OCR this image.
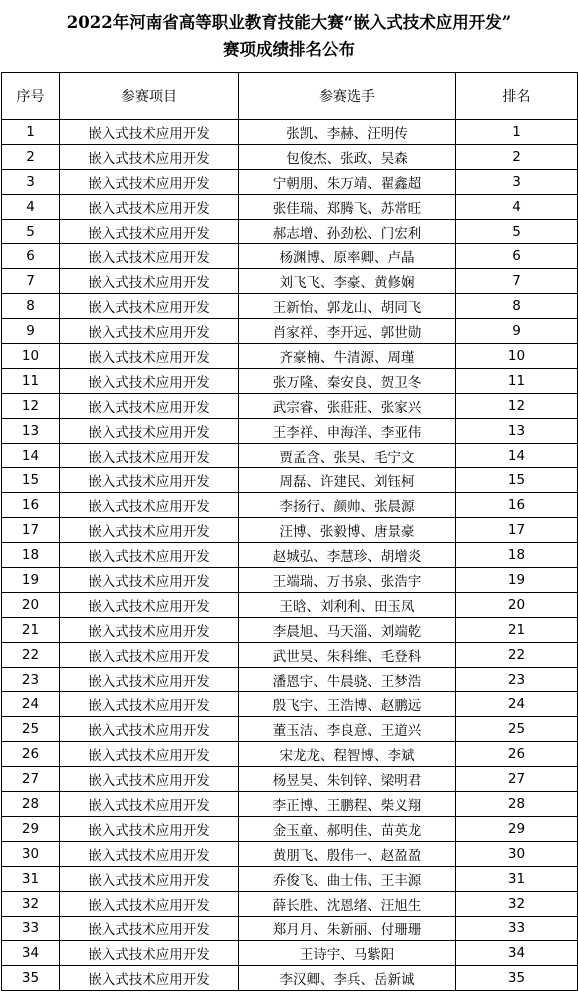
2022年河南省高等职业教育技能大赛“嵌入式技术应用开发”
赛项成绩排名公布
序号	参赛项目	参赛选手	排名
1	嵌入式技术应用开发	张凯、李赫、汪明传	1
2	嵌入式技术应用开发	包俊杰、张政、吴森	2
3	嵌入式技术应用开发	宁朝朋、朱万靖、翟鑫超	3
4	嵌入式技术应用开发	张佳瑞、郑腾飞、苏常旺	4
5	嵌入式技术应用开发	郝志增、孙劲松、门宏利	5
6	嵌入式技术应用开发	杨渊博、原率卿、卢晶	6
7	嵌入式技术应用开发	刘飞飞、李豪、黄修娴	7
8	嵌入式技术应用开发	王新怡、郭龙山、胡同飞	8
9	嵌入式技术应用开发	肖家祥、李开远、郭世勋	9
10	嵌入式技术应用开发	齐豪楠、牛清源、周瑾	10
11	嵌入式技术应用开发	张万隆、秦安良、贺卫冬	11
12	嵌入式技术应用开发	武宗睿、张莊莊、张家兴	12
13	嵌入式技术应用开发	王李祥、申海洋、李亚伟	13
14	嵌入式技术应用开发	贾孟含、张昊、毛宁文	14
15	嵌入式技术应用开发	周磊、许建民、刘钰柯	15
16	嵌入式技术应用开发	李扬行、颜帅、张晨源	16
17	嵌入式技术应用开发	汪博、张毅博、唐景豪	17
18	嵌入式技术应用开发	赵城弘、李慧珍、胡增炎	18
19	嵌入式技术应用开发	王端瑞、万书泉、张浩宇	19
20	嵌入式技术应用开发	王晗、刘利利、田玉凤	20
21	嵌入式技术应用开发	李晨旭、马天淄、刘端乾	21
22	嵌入式技术应用开发	武世昊、朱科维、毛登科	22
23	嵌入式技术应用开发	潘恩宇、牛晨骁、王梦浩	23
24	嵌入式技术应用开发	殷飞宇、王浩博、赵鹏远	24
25	嵌入式技术应用开发	董玉洁、李良意、王道兴	25
26	嵌入式技术应用开发	宋龙龙、程智博、李斌	26
27	嵌入式技术应用开发	杨昱昊、朱钊锌、梁明君	27
28	嵌入式技术应用开发	李正博、王鹏程、柴义翔	28
29	嵌入式技术应用开发	金玉童、郝明佳、苗英龙	29
30	嵌入式技术应用开发	黄朋飞、殷伟一、赵盈盈	30
31	嵌入式技术应用开发	乔俊飞、曲士伟、王丰源	31
32	嵌入式技术应用开发	薛长胜、沈恩绪、汪旭生	32
33	嵌入式技术应用开发	郑月月、朱新丽、付珊珊	33
34	嵌入式技术应用开发	王诗宇、马紫阳	34
35	嵌入式技术应用开发	李汉卿、李兵、岳新诚	35
